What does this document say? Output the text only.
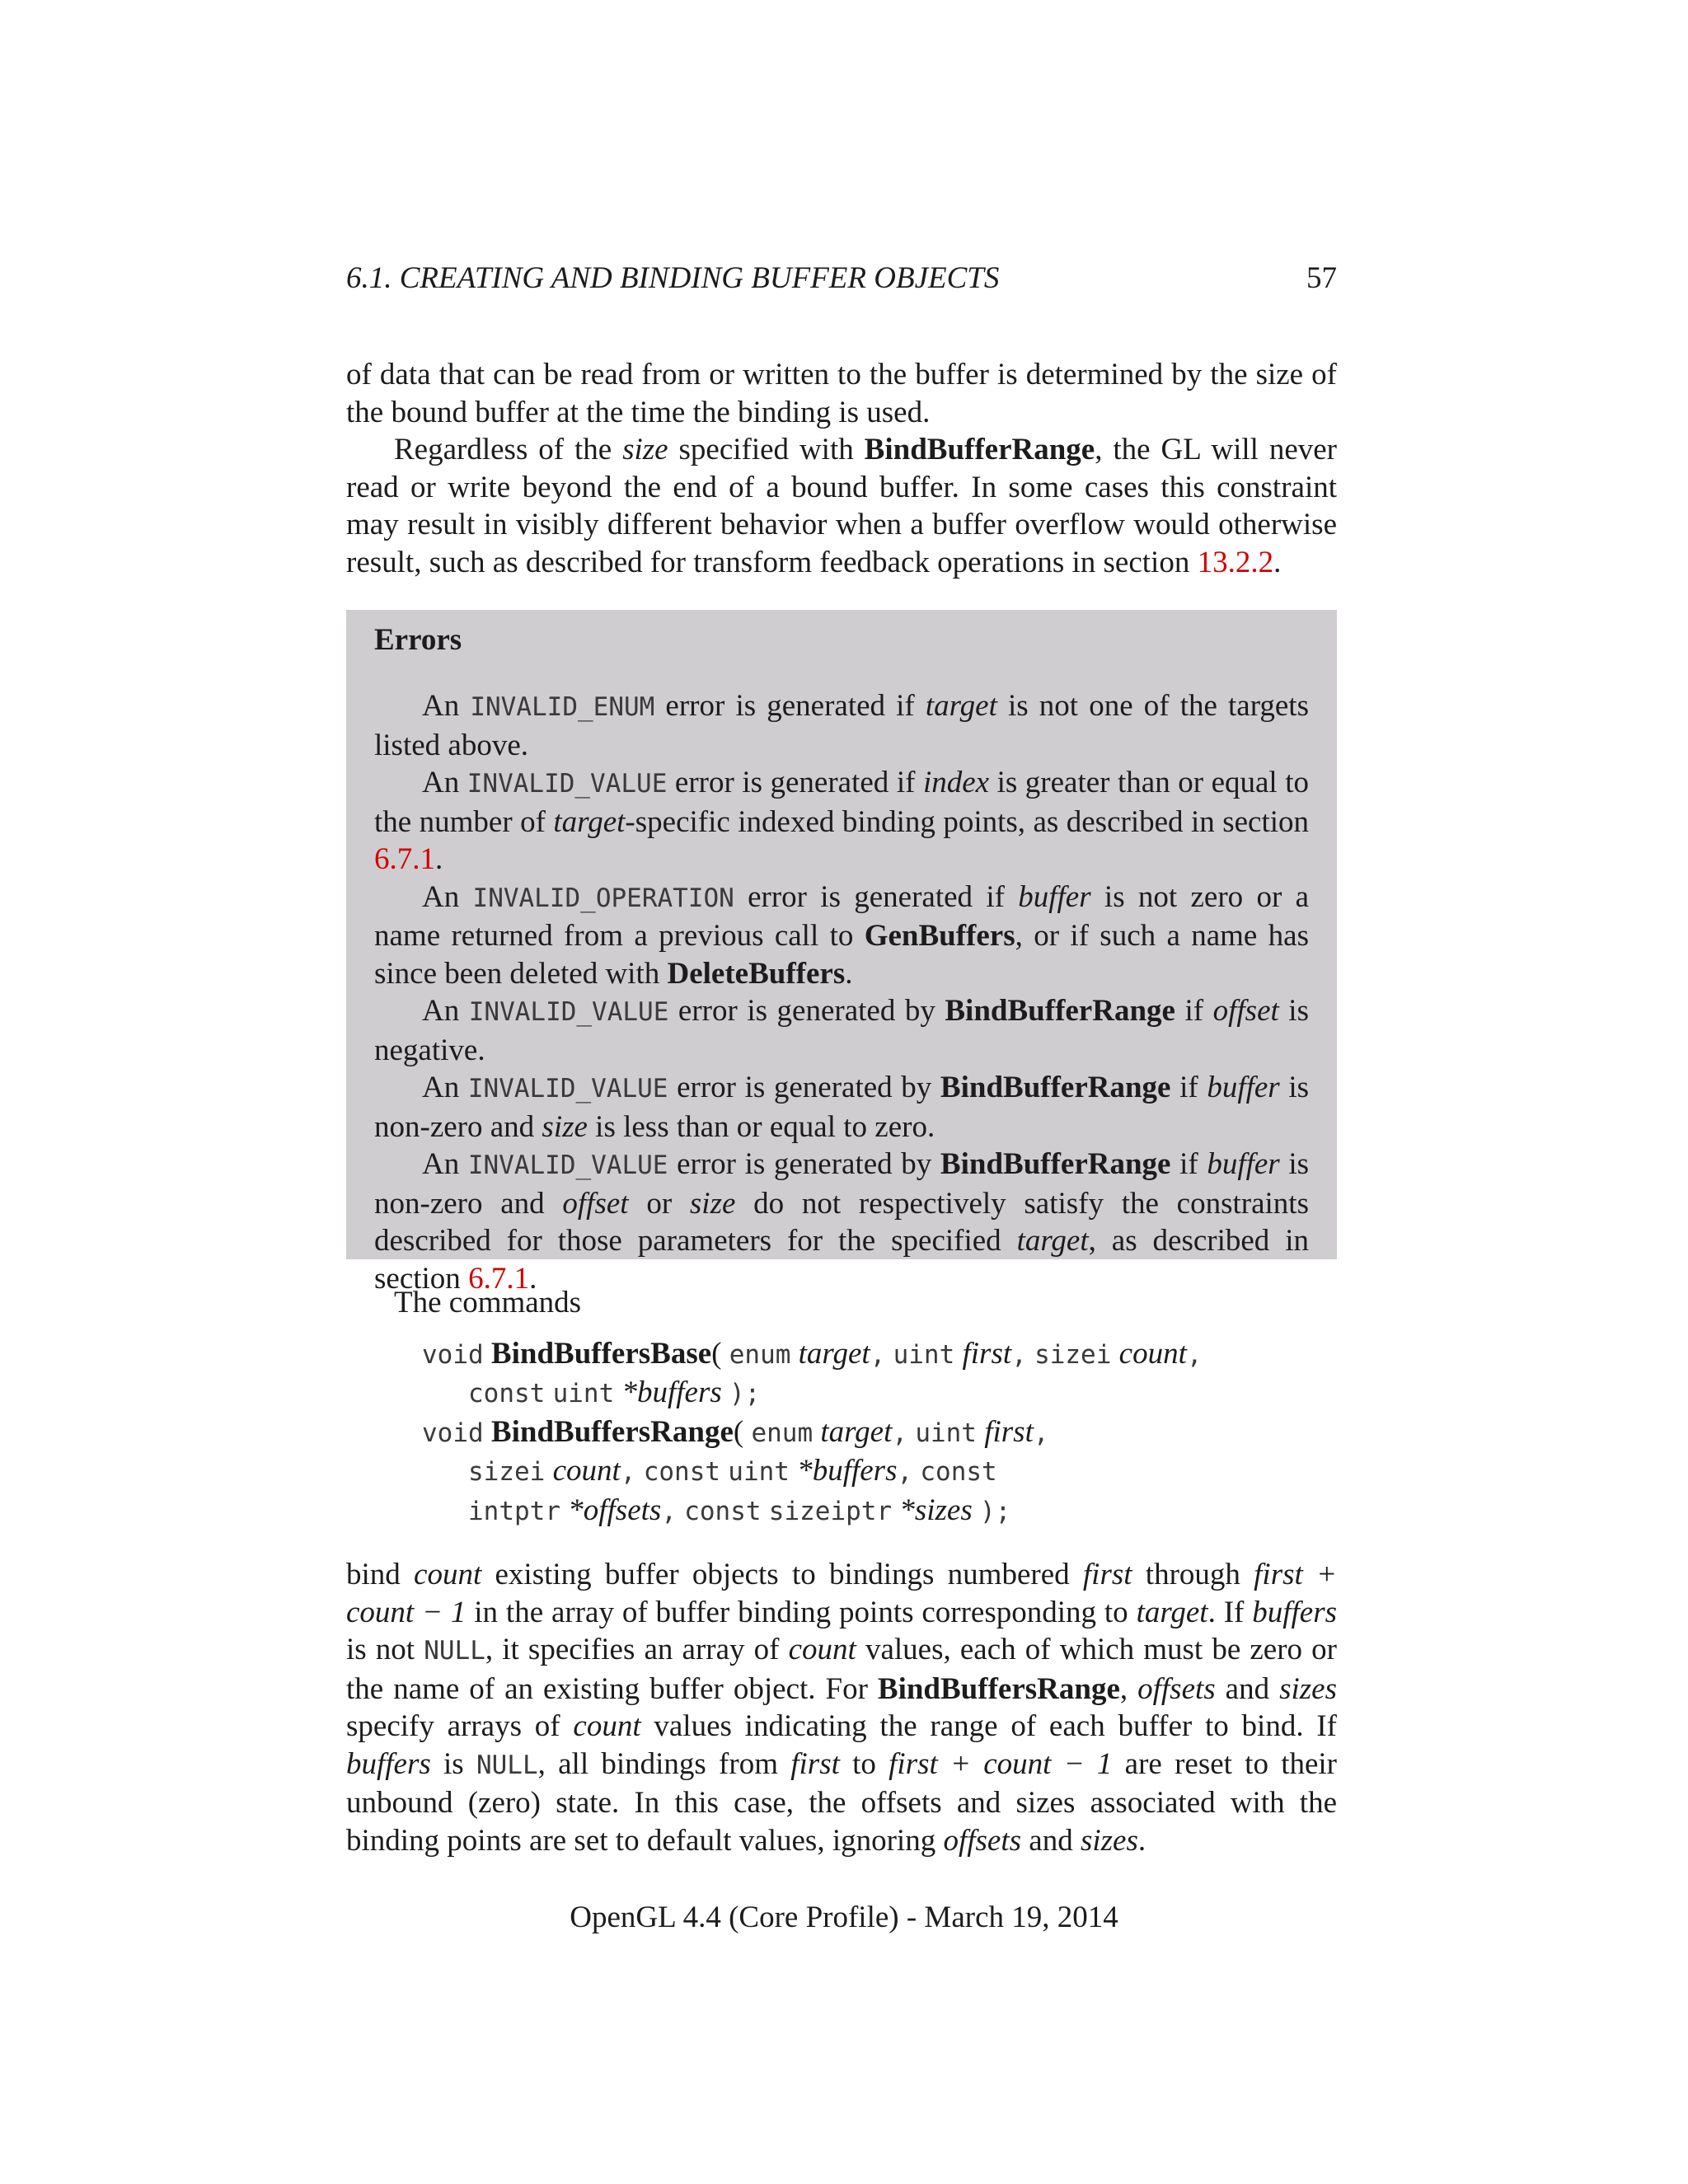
6.1. CREATING AND BINDING BUFFER OBJECTS	57

of data that can be read from or written to the buffer is determined by the size of the bound buffer at the time the binding is used.

Regardless of the size specified with BindBufferRange, the GL will never read or write beyond the end of a bound buffer. In some cases this constraint may result in visibly different behavior when a buffer overflow would otherwise result, such as described for transform feedback operations in section 13.2.2.

Errors

An INVALID_ENUM error is generated if target is not one of the targets listed above.

An INVALID_VALUE error is generated if index is greater than or equal to the number of target-specific indexed binding points, as described in section 6.7.1.

An INVALID_OPERATION error is generated if buffer is not zero or a name returned from a previous call to GenBuffers, or if such a name has since been deleted with DeleteBuffers.

An INVALID_VALUE error is generated by BindBufferRange if offset is negative.

An INVALID_VALUE error is generated by BindBufferRange if buffer is non-zero and size is less than or equal to zero.

An INVALID_VALUE error is generated by BindBufferRange if buffer is non-zero and offset or size do not respectively satisfy the constraints described for those parameters for the specified target, as described in section 6.7.1.

The commands

void BindBuffersBase( enum target, uint first, sizei count,
const uint *buffers );
void BindBuffersRange( enum target, uint first,
sizei count, const uint *buffers, const
intptr *offsets, const sizeiptr *sizes );

bind count existing buffer objects to bindings numbered first through first + count − 1 in the array of buffer binding points corresponding to target. If buffers is not NULL, it specifies an array of count values, each of which must be zero or the name of an existing buffer object. For BindBuffersRange, offsets and sizes specify arrays of count values indicating the range of each buffer to bind. If buffers is NULL, all bindings from first to first + count − 1 are reset to their unbound (zero) state. In this case, the offsets and sizes associated with the binding points are set to default values, ignoring offsets and sizes.

OpenGL 4.4 (Core Profile) - March 19, 2014
